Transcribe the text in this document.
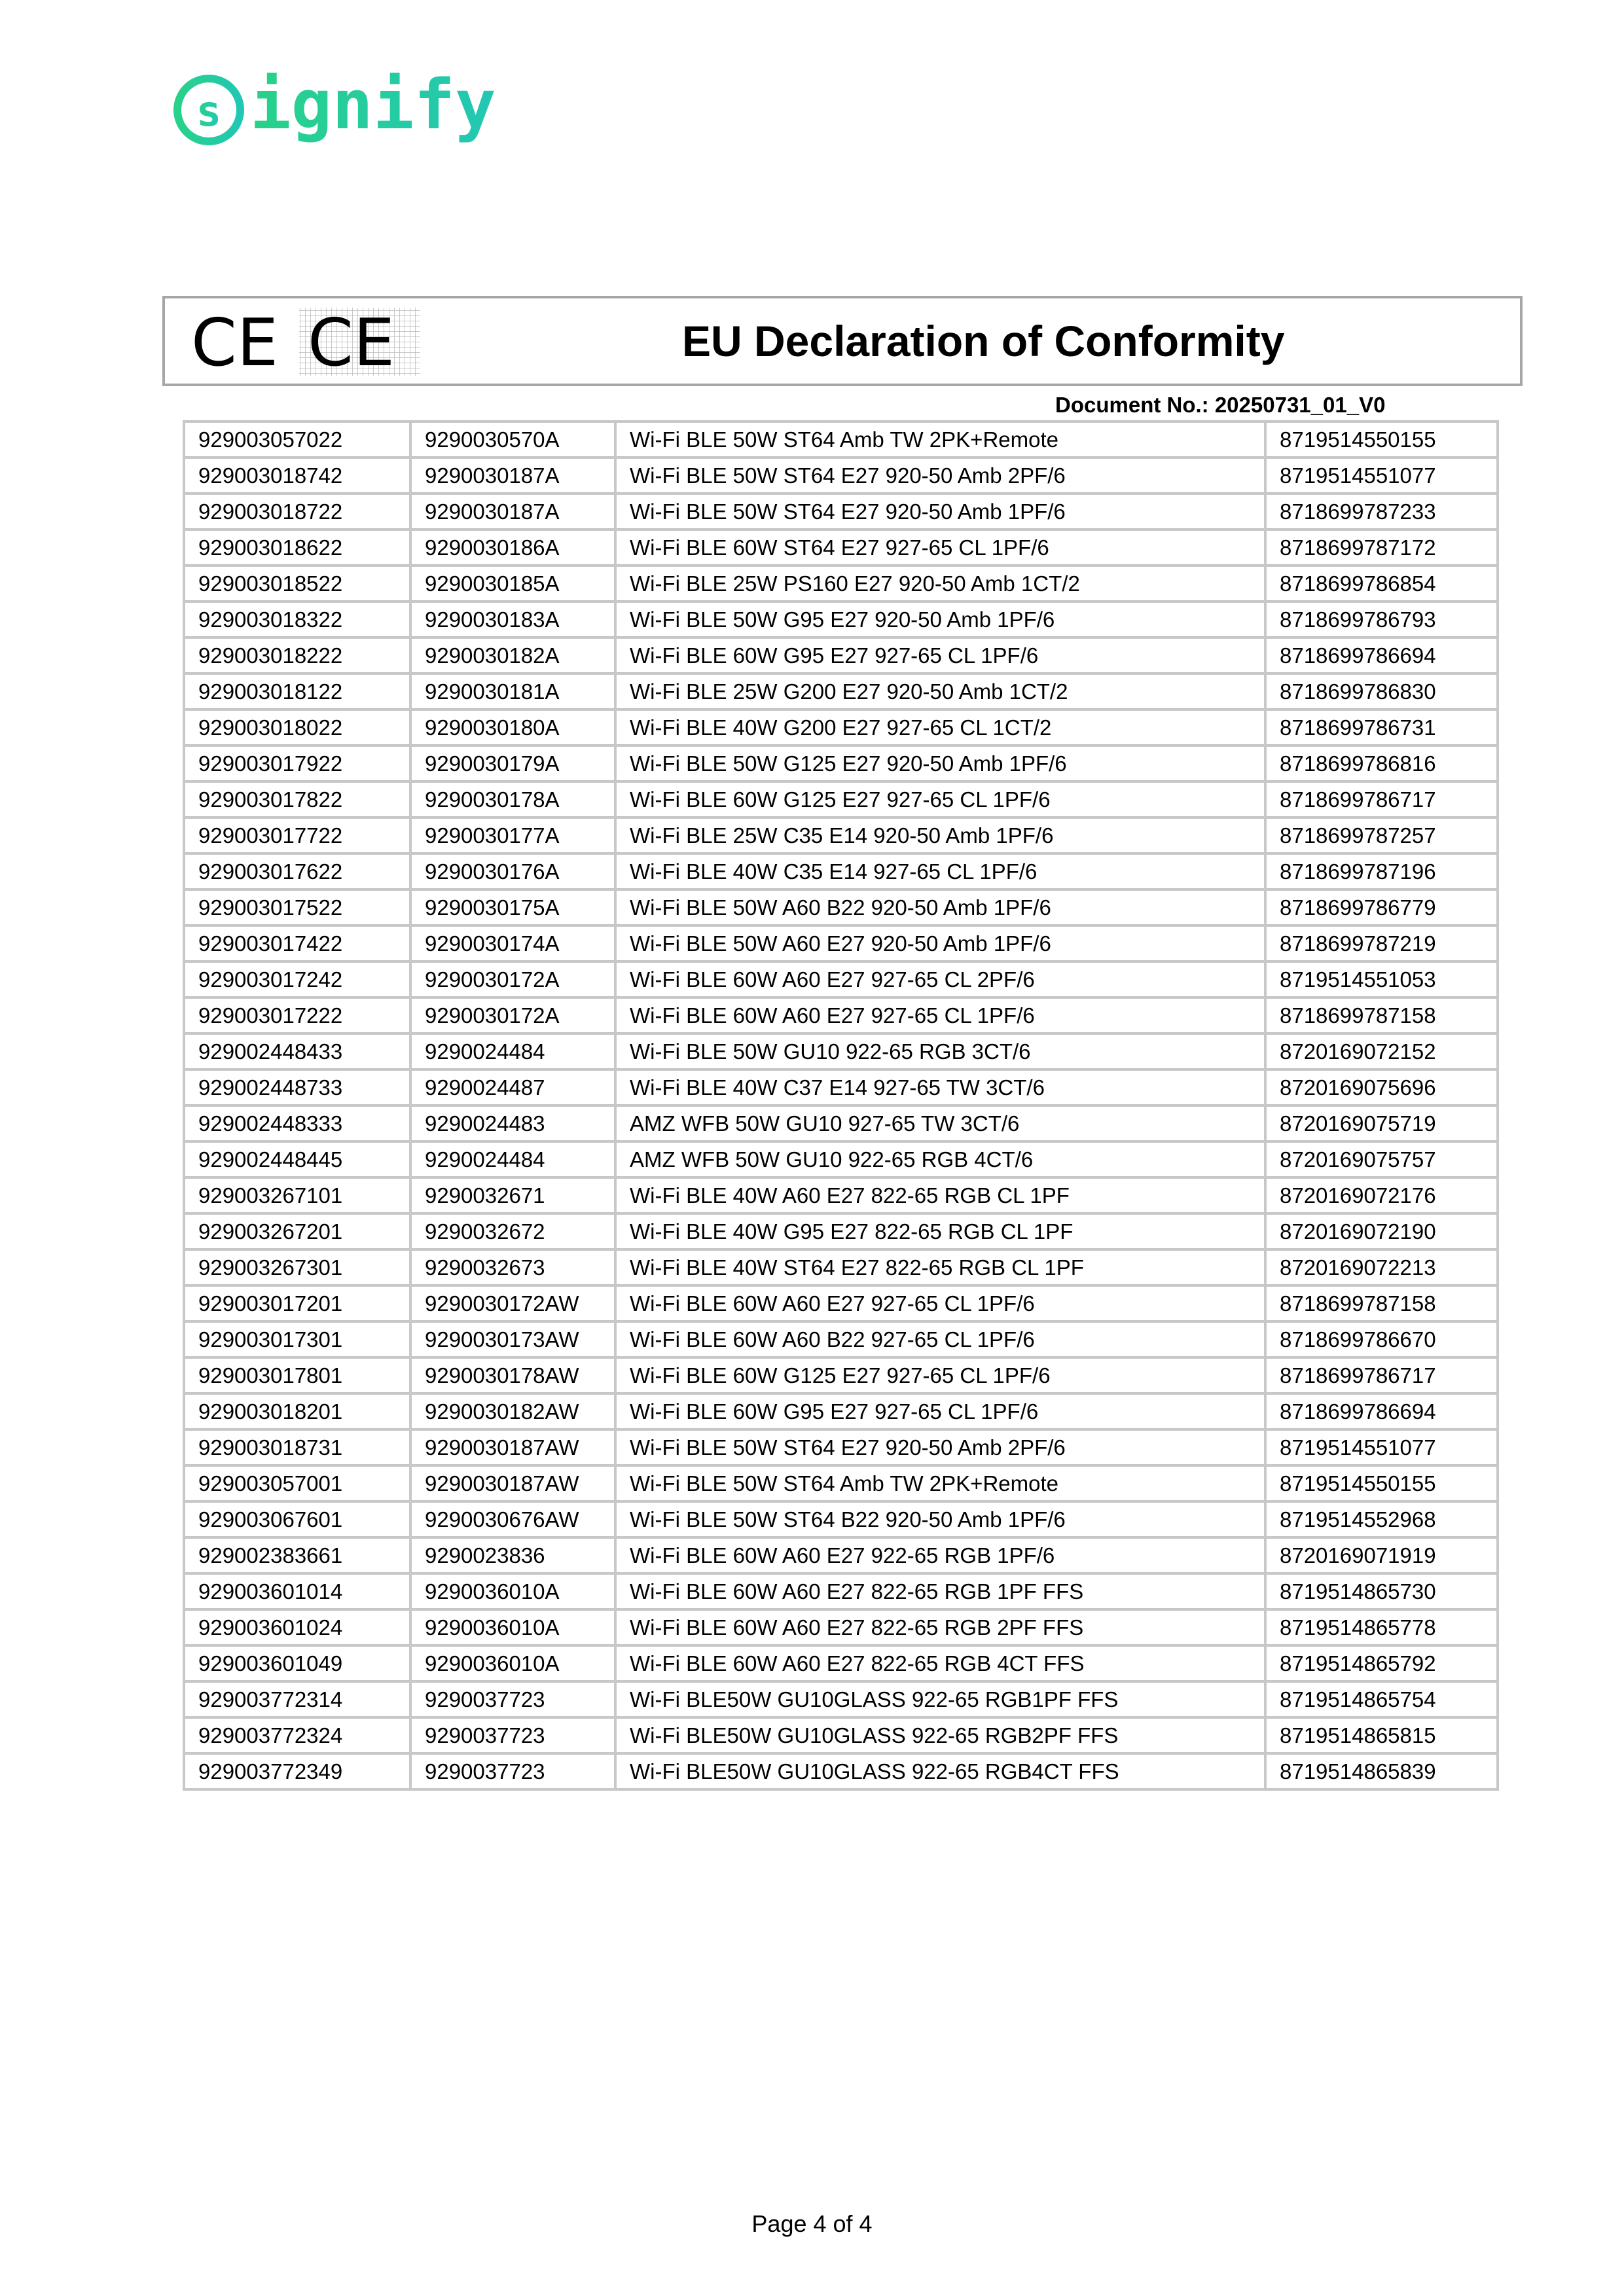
s ignify
CE CE	EU Declaration of Conformity
Document No.: 20250731_01_V0
929003057022	9290030570A	Wi-Fi BLE 50W ST64 Amb TW 2PK+Remote	8719514550155
929003018742	9290030187A	Wi-Fi BLE 50W ST64 E27 920-50 Amb 2PF/6	8719514551077
929003018722	9290030187A	Wi-Fi BLE 50W ST64 E27 920-50 Amb 1PF/6	8718699787233
929003018622	9290030186A	Wi-Fi BLE 60W ST64 E27 927-65 CL 1PF/6	8718699787172
929003018522	9290030185A	Wi-Fi BLE 25W PS160 E27 920-50 Amb 1CT/2	8718699786854
929003018322	9290030183A	Wi-Fi BLE 50W G95 E27 920-50 Amb 1PF/6	8718699786793
929003018222	9290030182A	Wi-Fi BLE 60W G95 E27 927-65 CL 1PF/6	8718699786694
929003018122	9290030181A	Wi-Fi BLE 25W G200 E27 920-50 Amb 1CT/2	8718699786830
929003018022	9290030180A	Wi-Fi BLE 40W G200 E27 927-65 CL 1CT/2	8718699786731
929003017922	9290030179A	Wi-Fi BLE 50W G125 E27 920-50 Amb 1PF/6	8718699786816
929003017822	9290030178A	Wi-Fi BLE 60W G125 E27 927-65 CL 1PF/6	8718699786717
929003017722	9290030177A	Wi-Fi BLE 25W C35 E14 920-50 Amb 1PF/6	8718699787257
929003017622	9290030176A	Wi-Fi BLE 40W C35 E14 927-65 CL 1PF/6	8718699787196
929003017522	9290030175A	Wi-Fi BLE 50W A60 B22 920-50 Amb 1PF/6	8718699786779
929003017422	9290030174A	Wi-Fi BLE 50W A60 E27 920-50 Amb 1PF/6	8718699787219
929003017242	9290030172A	Wi-Fi BLE 60W A60 E27 927-65 CL 2PF/6	8719514551053
929003017222	9290030172A	Wi-Fi BLE 60W A60 E27 927-65 CL 1PF/6	8718699787158
929002448433	9290024484	Wi-Fi BLE 50W GU10 922-65 RGB 3CT/6	8720169072152
929002448733	9290024487	Wi-Fi BLE 40W C37 E14 927-65 TW 3CT/6	8720169075696
929002448333	9290024483	AMZ WFB 50W GU10 927-65 TW 3CT/6	8720169075719
929002448445	9290024484	AMZ WFB 50W GU10 922-65 RGB 4CT/6	8720169075757
929003267101	9290032671	Wi-Fi BLE 40W A60 E27 822-65 RGB CL 1PF	8720169072176
929003267201	9290032672	Wi-Fi BLE 40W G95 E27 822-65 RGB CL 1PF	8720169072190
929003267301	9290032673	Wi-Fi BLE 40W ST64 E27 822-65 RGB CL 1PF	8720169072213
929003017201	9290030172AW	Wi-Fi BLE 60W A60 E27 927-65 CL 1PF/6	8718699787158
929003017301	9290030173AW	Wi-Fi BLE 60W A60 B22 927-65 CL 1PF/6	8718699786670
929003017801	9290030178AW	Wi-Fi BLE 60W G125 E27 927-65 CL 1PF/6	8718699786717
929003018201	9290030182AW	Wi-Fi BLE 60W G95 E27 927-65 CL 1PF/6	8718699786694
929003018731	9290030187AW	Wi-Fi BLE 50W ST64 E27 920-50 Amb 2PF/6	8719514551077
929003057001	9290030187AW	Wi-Fi BLE 50W ST64 Amb TW 2PK+Remote	8719514550155
929003067601	9290030676AW	Wi-Fi BLE 50W ST64 B22 920-50 Amb 1PF/6	8719514552968
929002383661	9290023836	Wi-Fi BLE 60W A60 E27 922-65 RGB 1PF/6	8720169071919
929003601014	9290036010A	Wi-Fi BLE 60W A60 E27 822-65 RGB 1PF FFS	8719514865730
929003601024	9290036010A	Wi-Fi BLE 60W A60 E27 822-65 RGB 2PF FFS	8719514865778
929003601049	9290036010A	Wi-Fi BLE 60W A60 E27 822-65 RGB 4CT FFS	8719514865792
929003772314	9290037723	Wi-Fi BLE50W GU10GLASS 922-65 RGB1PF FFS	8719514865754
929003772324	9290037723	Wi-Fi BLE50W GU10GLASS 922-65 RGB2PF FFS	8719514865815
929003772349	9290037723	Wi-Fi BLE50W GU10GLASS 922-65 RGB4CT FFS	8719514865839
Page 4 of 4
